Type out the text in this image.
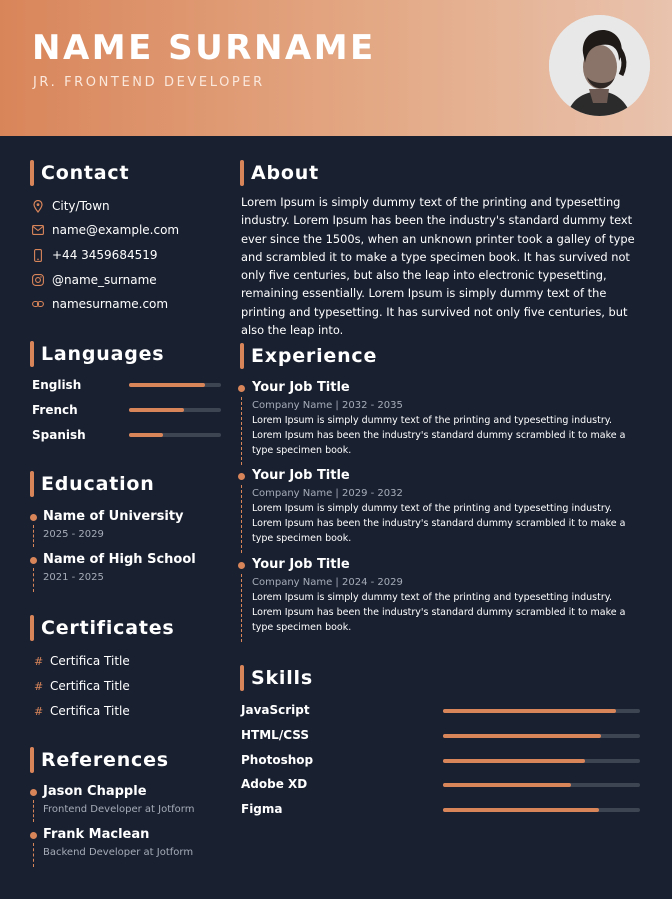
NAME SURNAME
JR. FRONTEND DEVELOPER
Contact
City/Town
name@example.com
+44 3459684519
@name_surname
namesurname.com
Languages
English
French
Spanish
Education
Name of University
2025 - 2029
Name of High School
2021 - 2025
Certificates
# Certifica Title
# Certifica Title
# Certifica Title
References
Jason Chapple
Frontend Developer at Jotform
Frank Maclean
Backend Developer at Jotform
About
Lorem Ipsum is simply dummy text of the printing and typesetting industry. Lorem Ipsum has been the industry's standard dummy text ever since the 1500s, when an unknown printer took a galley of type and scrambled it to make a type specimen book. It has survived not only five centuries, but also the leap into electronic typesetting, remaining essentially. Lorem Ipsum is simply dummy text of the printing and typesetting. It has survived not only five centuries, but also the leap into.
Experience
Your Job Title
Company Name | 2032 - 2035
Lorem Ipsum is simply dummy text of the printing and typesetting industry. Lorem Ipsum has been the industry's standard dummy scrambled it to make a type specimen book.
Your Job Title
Company Name | 2029 - 2032
Lorem Ipsum is simply dummy text of the printing and typesetting industry. Lorem Ipsum has been the industry's standard dummy scrambled it to make a type specimen book.
Your Job Title
Company Name | 2024 - 2029
Lorem Ipsum is simply dummy text of the printing and typesetting industry. Lorem Ipsum has been the industry's standard dummy scrambled it to make a type specimen book.
Skills
JavaScript
HTML/CSS
Photoshop
Adobe XD
Figma
